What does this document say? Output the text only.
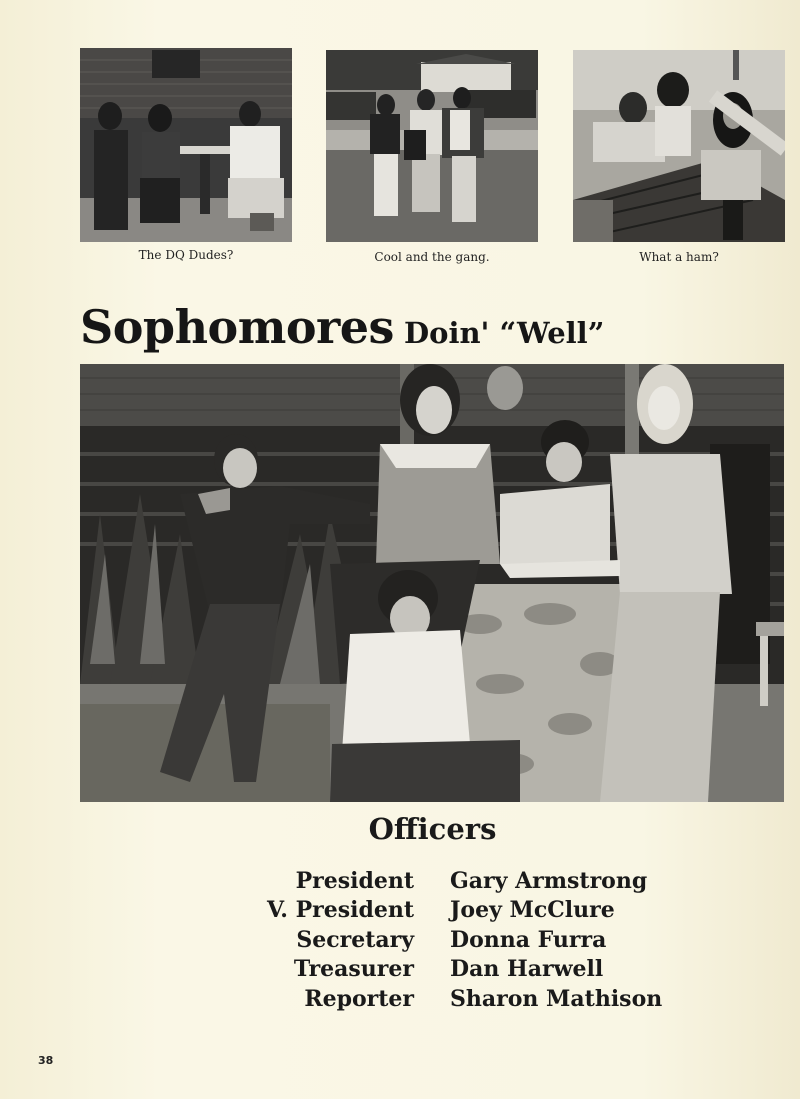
The DQ Dudes?	Cool and the gang.	What a ham?
Sophomores Doin' “Well”
Officers
President Gary Armstrong
V. President Joey McClure
Secretary Donna Furra
Treasurer Dan Harwell
Reporter Sharon Mathison
38
